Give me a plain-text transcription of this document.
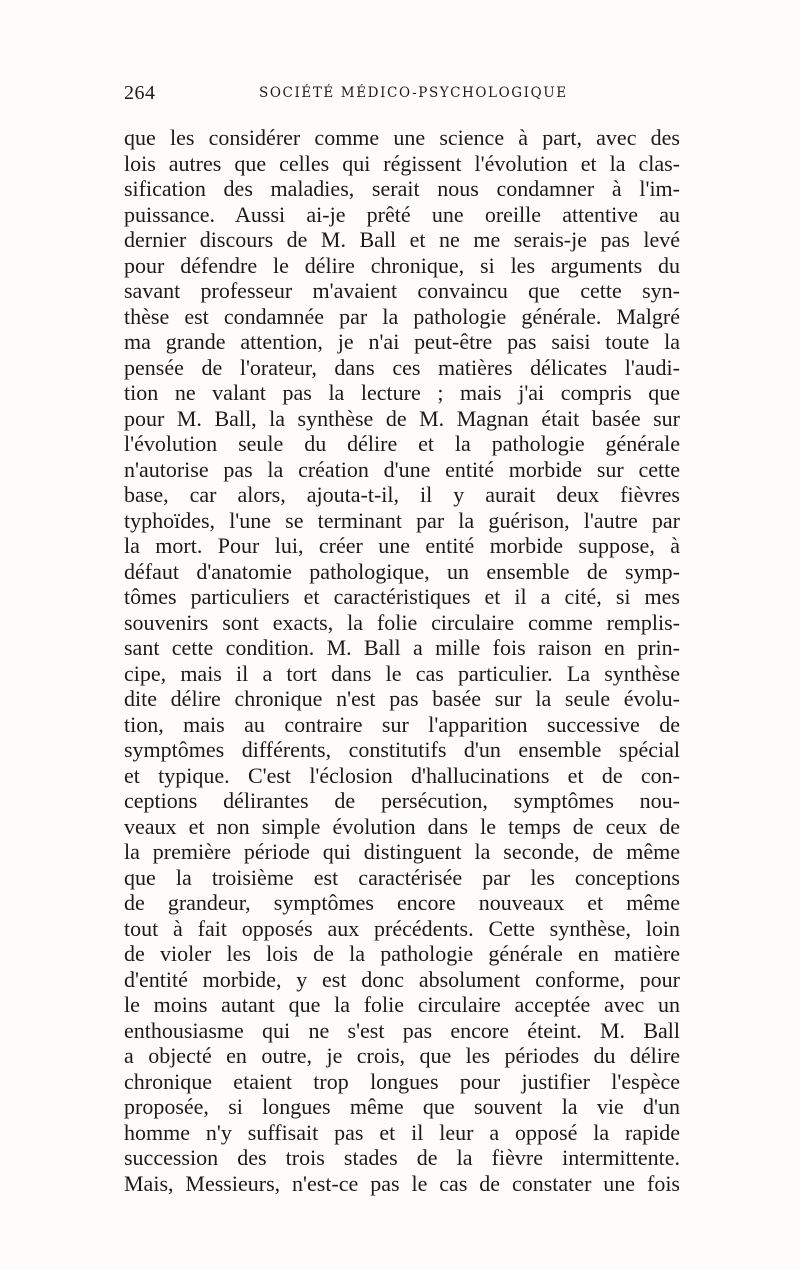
264	SOCIÉTÉ MÉDICO-PSYCHOLOGIQUE
que les considérer comme une science à part, avec des
lois autres que celles qui régissent l'évolution et la clas-
sification des maladies, serait nous condamner à l'im-
puissance. Aussi ai-je prêté une oreille attentive au
dernier discours de M. Ball et ne me serais-je pas levé
pour défendre le délire chronique, si les arguments du
savant professeur m'avaient convaincu que cette syn-
thèse est condamnée par la pathologie générale. Malgré
ma grande attention, je n'ai peut-être pas saisi toute la
pensée de l'orateur, dans ces matières délicates l'audi-
tion ne valant pas la lecture ; mais j'ai compris que
pour M. Ball, la synthèse de M. Magnan était basée sur
l'évolution seule du délire et la pathologie générale
n'autorise pas la création d'une entité morbide sur cette
base, car alors, ajouta-t-il, il y aurait deux fièvres
typhoïdes, l'une se terminant par la guérison, l'autre par
la mort. Pour lui, créer une entité morbide suppose, à
défaut d'anatomie pathologique, un ensemble de symp-
tômes particuliers et caractéristiques et il a cité, si mes
souvenirs sont exacts, la folie circulaire comme remplis-
sant cette condition. M. Ball a mille fois raison en prin-
cipe, mais il a tort dans le cas particulier. La synthèse
dite délire chronique n'est pas basée sur la seule évolu-
tion, mais au contraire sur l'apparition successive de
symptômes différents, constitutifs d'un ensemble spécial
et typique. C'est l'éclosion d'hallucinations et de con-
ceptions délirantes de persécution, symptômes nou-
veaux et non simple évolution dans le temps de ceux de
la première période qui distinguent la seconde, de même
que la troisième est caractérisée par les conceptions
de grandeur, symptômes encore nouveaux et même
tout à fait opposés aux précédents. Cette synthèse, loin
de violer les lois de la pathologie générale en matière
d'entité morbide, y est donc absolument conforme, pour
le moins autant que la folie circulaire acceptée avec un
enthousiasme qui ne s'est pas encore éteint. M. Ball
a objecté en outre, je crois, que les périodes du délire
chronique etaient trop longues pour justifier l'espèce
proposée, si longues même que souvent la vie d'un
homme n'y suffisait pas et il leur a opposé la rapide
succession des trois stades de la fièvre intermittente.
Mais, Messieurs, n'est-ce pas le cas de constater une fois
